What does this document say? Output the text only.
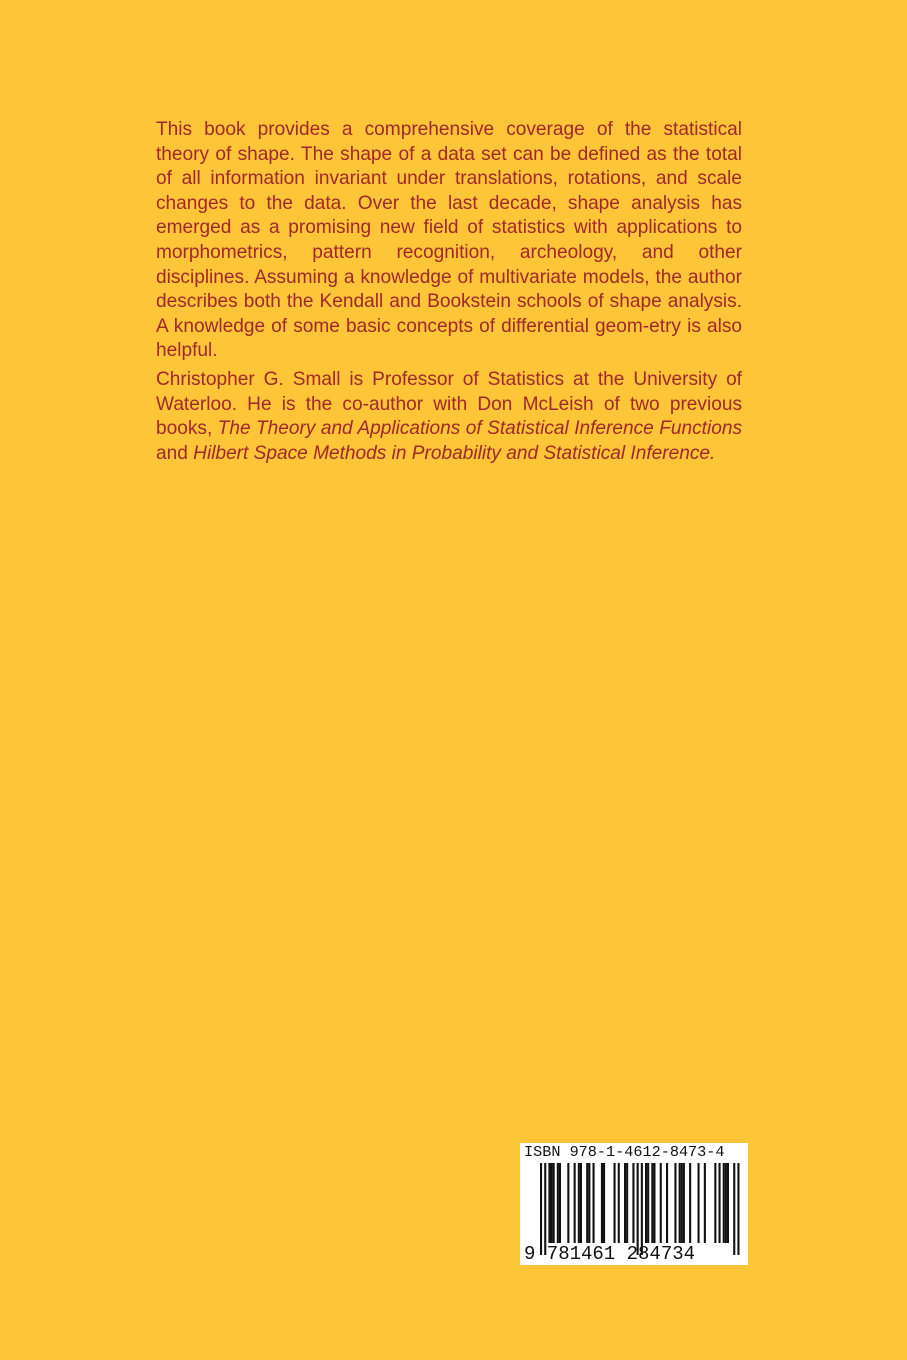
This book provides a comprehensive coverage of the statistical theory of shape. The shape of a data set can be defined as the total of all information invariant under translations, rotations, and scale changes to the data. Over the last decade, shape analysis has emerged as a promising new field of statistics with applications to morphometrics, pattern recognition, archeology, and other disciplines. Assuming a knowledge of multivariate models, the author describes both the Kendall and Bookstein schools of shape analysis. A knowledge of some basic concepts of differential geom-etry is also helpful.

Christopher G. Small is Professor of Statistics at the University of Waterloo. He is the co-author with Don McLeish of two previous books, The Theory and Applications of Statistical Inference Functions and Hilbert Space Methods in Probability and Statistical Inference.

ISBN 978-1-4612-8473-4
9 781461 284734
